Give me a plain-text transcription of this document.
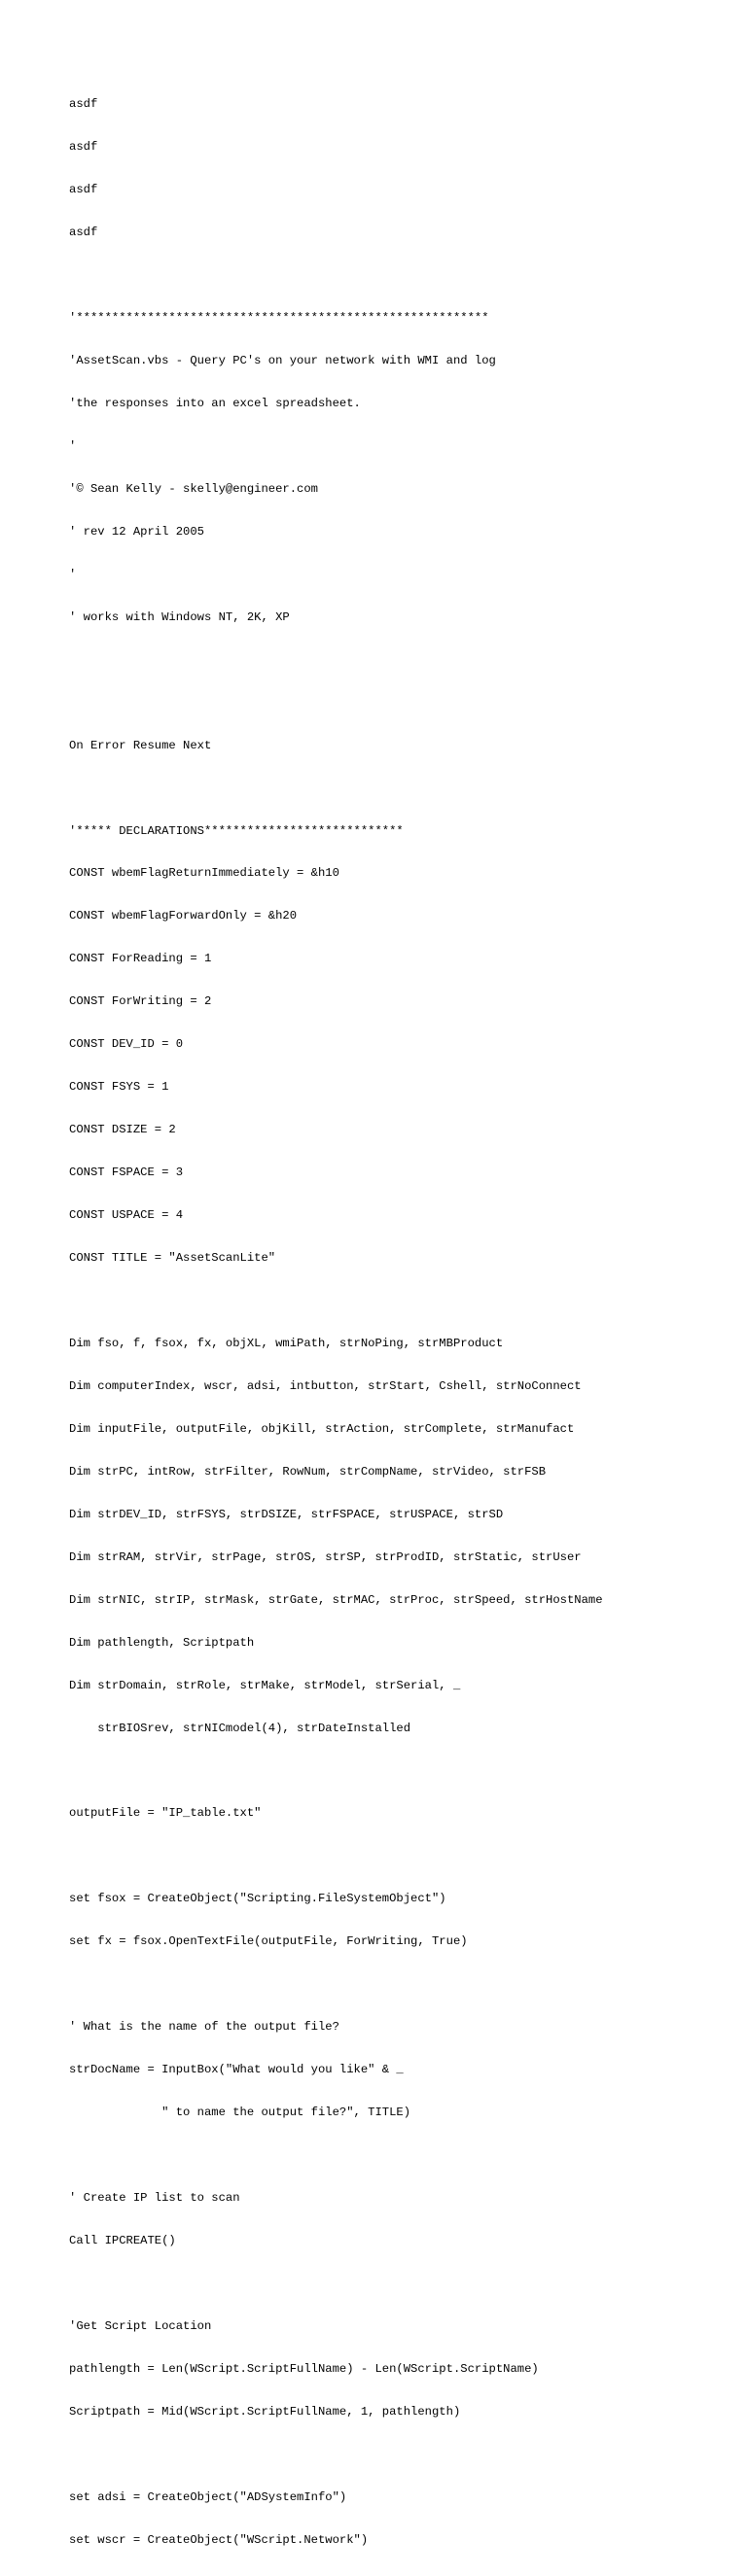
asdf

asdf

asdf

asdf

'**********************************************************

'AssetScan.vbs - Query PC's on your network with WMI and log

'the responses into an excel spreadsheet.

'

'© Sean Kelly - skelly@engineer.com

' rev 12 April 2005

'

' works with Windows NT, 2K, XP

On Error Resume Next

'***** DECLARATIONS****************************

CONST wbemFlagReturnImmediately = &h10

CONST wbemFlagForwardOnly = &h20

CONST ForReading = 1

CONST ForWriting = 2

CONST DEV_ID = 0

CONST FSYS = 1

CONST DSIZE = 2

CONST FSPACE = 3

CONST USPACE = 4

CONST TITLE = "AssetScanLite"

Dim fso, f, fsox, fx, objXL, wmiPath, strNoPing, strMBProduct

Dim computerIndex, wscr, adsi, intbutton, strStart, Cshell, strNoConnect

Dim inputFile, outputFile, objKill, strAction, strComplete, strManufact

Dim strPC, intRow, strFilter, RowNum, strCompName, strVideo, strFSB

Dim strDEV_ID, strFSYS, strDSIZE, strFSPACE, strUSPACE, strSD

Dim strRAM, strVir, strPage, strOS, strSP, strProdID, strStatic, strUser

Dim strNIC, strIP, strMask, strGate, strMAC, strProc, strSpeed, strHostName

Dim pathlength, Scriptpath

Dim strDomain, strRole, strMake, strModel, strSerial, _

strBIOSrev, strNICmodel(4), strDateInstalled

outputFile = "IP_table.txt"

set fsox = CreateObject("Scripting.FileSystemObject")

set fx = fsox.OpenTextFile(outputFile, ForWriting, True)

' What is the name of the output file?

strDocName = InputBox("What would you like" & _

" to name the output file?", TITLE)

' Create IP list to scan

Call IPCREATE()

'Get Script Location

pathlength = Len(WScript.ScriptFullName) - Len(WScript.ScriptName)

Scriptpath = Mid(WScript.ScriptFullName, 1, pathlength)

set adsi = CreateObject("ADSystemInfo")

set wscr = CreateObject("WScript.Network")
